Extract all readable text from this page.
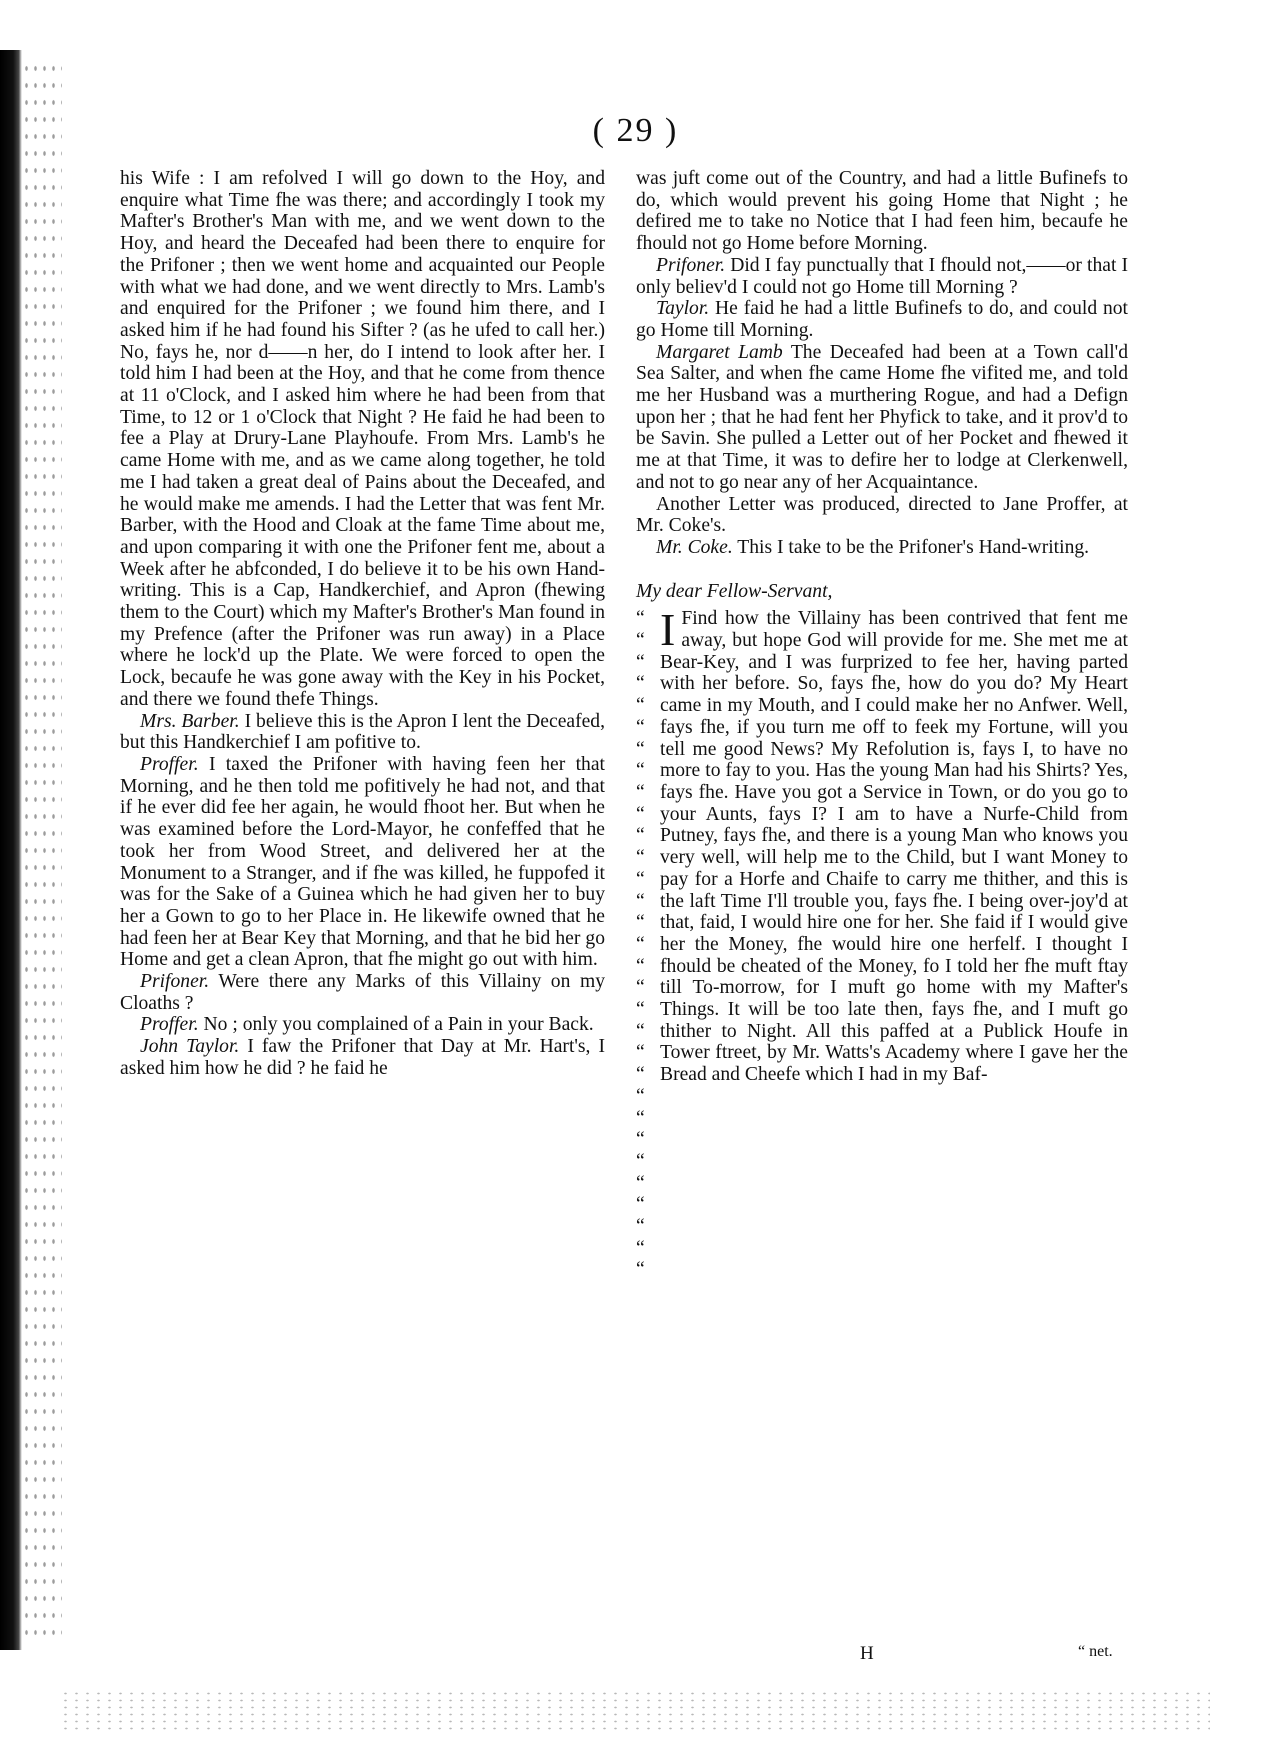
( 29 )

his Wife : I am refolved I will go down to the Hoy, and enquire what Time fhe was there; and accordingly I took my Mafter's Brother's Man with me, and we went down to the Hoy, and heard the Deceafed had been there to enquire for the Prifoner ; then we went home and acquainted our People with what we had done, and we went directly to Mrs. Lamb's and enquired for the Prifoner ; we found him there, and I asked him if he had found his Sifter ? (as he ufed to call her.) No, fays he, nor d——n her, do I intend to look after her. I told him I had been at the Hoy, and that he come from thence at 11 o'Clock, and I asked him where he had been from that Time, to 12 or 1 o'Clock that Night ? He faid he had been to fee a Play at Drury-Lane Playhoufe. From Mrs. Lamb's he came Home with me, and as we came along together, he told me I had taken a great deal of Pains about the Deceafed, and he would make me amends. I had the Letter that was fent Mr. Barber, with the Hood and Cloak at the fame Time about me, and upon comparing it with one the Prifoner fent me, about a Week after he abfconded, I do believe it to be his own Hand-writing. This is a Cap, Handkerchief, and Apron (fhewing them to the Court) which my Mafter's Brother's Man found in my Prefence (after the Prifoner was run away) in a Place where he lock'd up the Plate. We were forced to open the Lock, becaufe he was gone away with the Key in his Pocket, and there we found thefe Things.

Mrs. Barber. I believe this is the Apron I lent the Deceafed, but this Handkerchief I am pofitive to.

Proffer. I taxed the Prifoner with having feen her that Morning, and he then told me pofitively he had not, and that if he ever did fee her again, he would fhoot her. But when he was examined before the Lord-Mayor, he confeffed that he took her from Wood Street, and delivered her at the Monument to a Stranger, and if fhe was killed, he fuppofed it was for the Sake of a Guinea which he had given her to buy her a Gown to go to her Place in. He likewife owned that he had feen her at Bear Key that Morning, and that he bid her go Home and get a clean Apron, that fhe might go out with him.

Prifoner. Were there any Marks of this Villainy on my Cloaths ?

Proffer. No ; only you complained of a Pain in your Back.

John Taylor. I faw the Prifoner that Day at Mr. Hart's, I asked him how he did ? he faid he

was juft come out of the Country, and had a little Bufinefs to do, which would prevent his going Home that Night ; he defired me to take no Notice that I had feen him, becaufe he fhould not go Home before Morning.

Prifoner. Did I fay punctually that I fhould not,——or that I only believ'd I could not go Home till Morning ?

Taylor. He faid he had a little Bufinefs to do, and could not go Home till Morning.

Margaret Lamb The Deceafed had been at a Town call'd Sea Salter, and when fhe came Home fhe vifited me, and told me her Husband was a murthering Rogue, and had a Defign upon her ; that he had fent her Phyfick to take, and it prov'd to be Savin. She pulled a Letter out of her Pocket and fhewed it me at that Time, it was to defire her to lodge at Clerkenwell, and not to go near any of her Acquaintance.

Another Letter was produced, directed to Jane Proffer, at Mr. Coke's.

Mr. Coke. This I take to be the Prifoner's Hand-writing.

My dear Fellow-Servant,

“
“
“
“
“
“
“
“
“
“
“
“
“
“
“
“
“
“
“
“
“
“
“
“
“
“
“
“
“
“
“

I Find how the Villainy has been contrived that fent me away, but hope God will provide for me. She met me at Bear-Key, and I was furprized to fee her, having parted with her before. So, fays fhe, how do you do? My Heart came in my Mouth, and I could make her no Anfwer. Well, fays fhe, if you turn me off to feek my Fortune, will you tell me good News? My Refolution is, fays I, to have no more to fay to you. Has the young Man had his Shirts? Yes, fays fhe. Have you got a Service in Town, or do you go to your Aunts, fays I? I am to have a Nurfe-Child from Putney, fays fhe, and there is a young Man who knows you very well, will help me to the Child, but I want Money to pay for a Horfe and Chaife to carry me thither, and this is the laft Time I'll trouble you, fays fhe. I being over-joy'd at that, faid, I would hire one for her. She faid if I would give her the Money, fhe would hire one herfelf. I thought I fhould be cheated of the Money, fo I told her fhe muft ftay till To-morrow, for I muft go home with my Mafter's Things. It will be too late then, fays fhe, and I muft go thither to Night. All this paffed at a Publick Houfe in Tower ftreet, by Mr. Watts's Academy where I gave her the Bread and Cheefe which I had in my Baf-

H	“ net.
